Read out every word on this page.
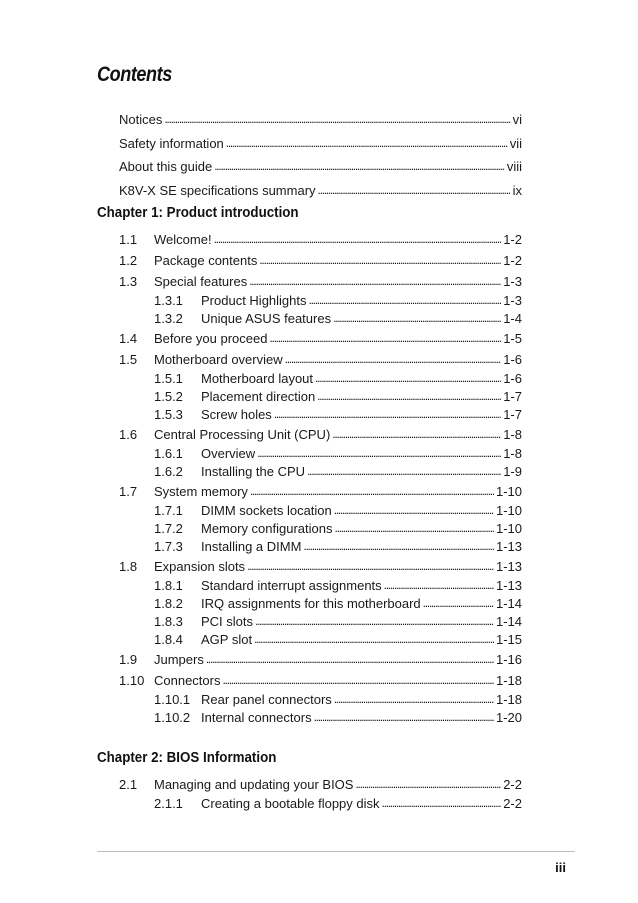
Contents
Notices . . .	vi
Safety information . . .	vii
About this guide . . .	viii
K8V-X SE specifications summary . . .	ix
Chapter 1: Product introduction
1.1	Welcome! . . .	1-2
1.2	Package contents . . .	1-2
1.3	Special features . . .	1-3
1.3.1	Product Highlights . . .	1-3
1.3.2	Unique ASUS features . . .	1-4
1.4	Before you proceed . . .	1-5
1.5	Motherboard overview . . .	1-6
1.5.1	Motherboard layout . . .	1-6
1.5.2	Placement direction . . .	1-7
1.5.3	Screw holes . . .	1-7
1.6	Central Processing Unit (CPU) . . .	1-8
1.6.1	Overview . . .	1-8
1.6.2	Installing the CPU . . .	1-9
1.7	System memory . . .	1-10
1.7.1	DIMM sockets location . . .	1-10
1.7.2	Memory configurations . . .	1-10
1.7.3	Installing a DIMM . . .	1-13
1.8	Expansion slots . . .	1-13
1.8.1	Standard interrupt assignments . . .	1-13
1.8.2	IRQ assignments for this motherboard . . .	1-14
1.8.3	PCI slots . . .	1-14
1.8.4	AGP slot . . .	1-15
1.9	Jumpers . . .	1-16
1.10 Connectors . . .	1-18
1.10.1 Rear panel connectors . . .	1-18
1.10.2 Internal connectors . . .	1-20
Chapter 2: BIOS Information
2.1	Managing and updating your BIOS . . .	2-2
2.1.1	Creating a bootable floppy disk . . .	2-2
iii
